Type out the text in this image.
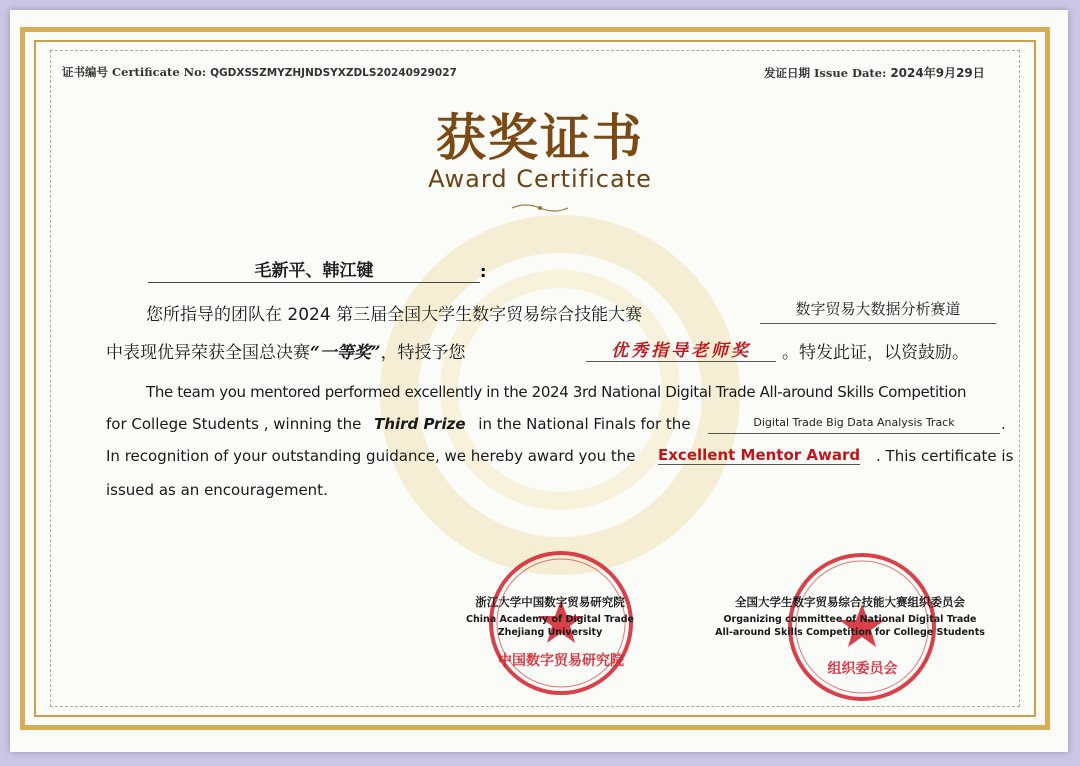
证书编号 Certificate No: QGDXSSZMYZHJNDSYXZDLS20240929027	发证日期 Issue Date: 2024年9月29日
获奖证书
Award Certificate
毛新平、韩江键	:
您所指导的团队在 2024 第三届全国大学生数字贸易综合技能大赛	数字贸易大数据分析赛道
中表现优异荣获全国总决赛“一等奖”，特授予您	优秀指导老师奖	。特发此证，以资鼓励。
The team you mentored performed excellently in the 2024 3rd National Digital Trade All-around Skills Competition
for College Students , winning the Third Prize in the National Finals for the	Digital Trade Big Data Analysis Track	.
In recognition of your outstanding guidance, we hereby award you the Excellent Mentor Award . This certificate is
issued as an encouragement.
中国数字贸易研究院	组织委员会
浙江大学中国数字贸易研究院
China Academy of Digital Trade
Zhejiang University
全国大学生数字贸易综合技能大赛组织委员会
Organizing committee of National Digital Trade
All-around Skills Competition for College Students
